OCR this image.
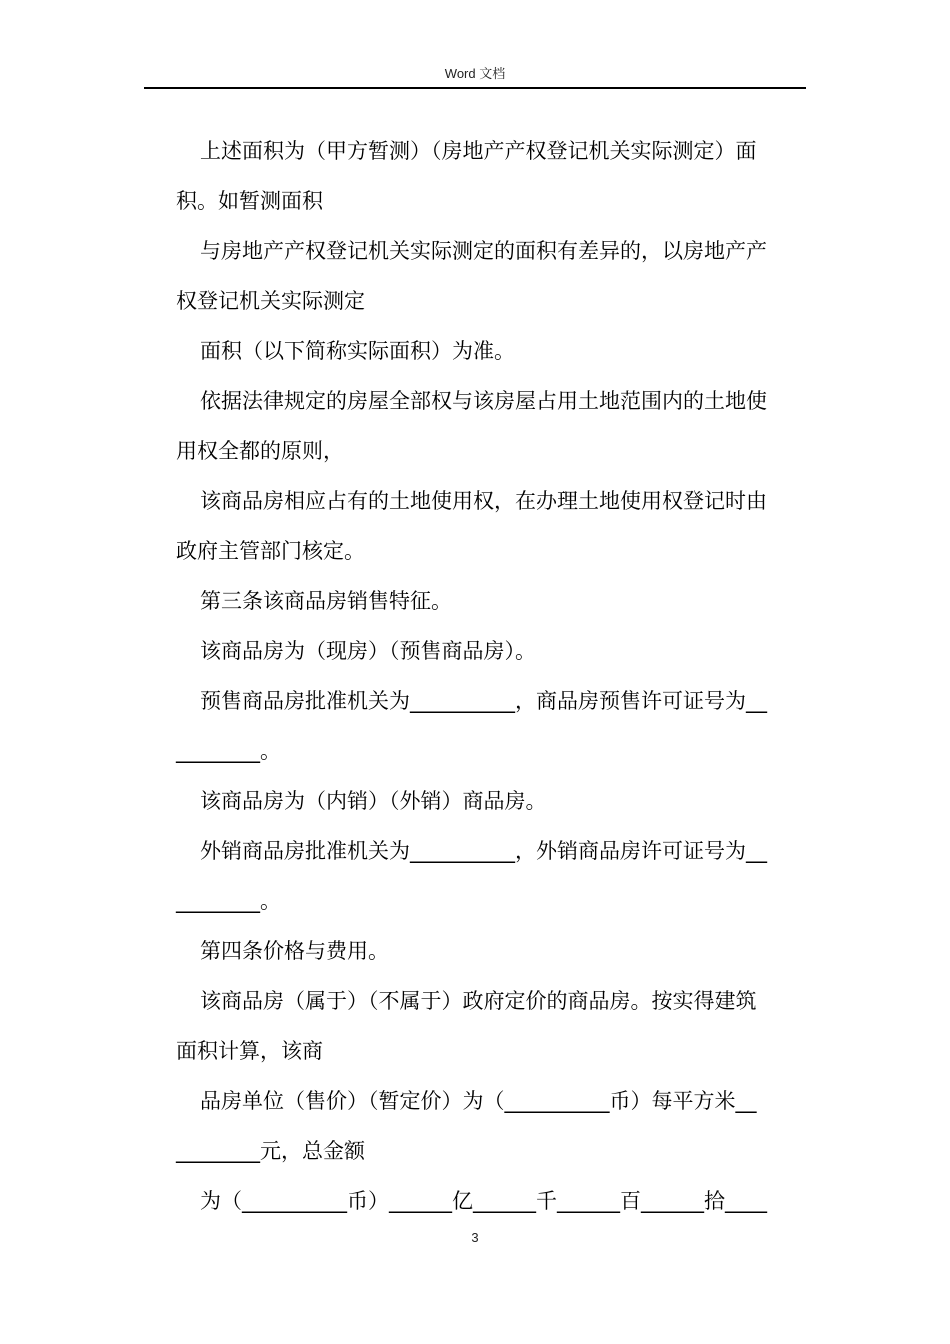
Word 文档
上述面积为（甲方暂测）（房地产产权登记机关实际测定）面
积。如暂测面积
与房地产产权登记机关实际测定的面积有差异的，以房地产产
权登记机关实际测定
面积（以下简称实际面积）为准。
依据法律规定的房屋全部权与该房屋占用土地范围内的土地使
用权全都的原则，
该商品房相应占有的土地使用权，在办理土地使用权登记时由
政府主管部门核定。
第三条该商品房销售特征。
该商品房为（现房）（预售商品房）。
预售商品房批准机关为__________，商品房预售许可证号为__
________。
该商品房为（内销）（外销）商品房。
外销商品房批准机关为__________，外销商品房许可证号为__
________。
第四条价格与费用。
该商品房（属于）（不属于）政府定价的商品房。按实得建筑
面积计算，该商
品房单位（售价）（暂定价）为（__________币）每平方米__
________元，总金额
为（__________币）______亿______千______百______拾____
3
